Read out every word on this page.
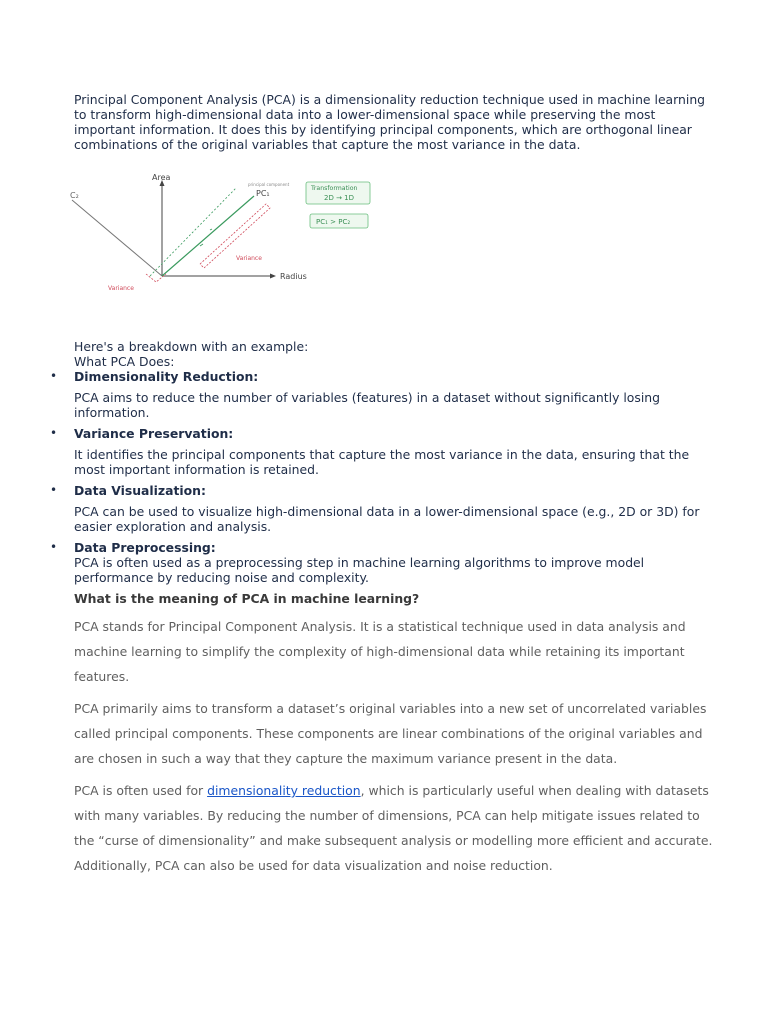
Principal Component Analysis (PCA) is a dimensionality reduction technique used in machine learning to transform high-dimensional data into a lower-dimensional space while preserving the most important information. It does this by identifying principal components, which are orthogonal linear combinations of the original variables that capture the most variance in the data.

Area
Radius
C₂	PC₁
principal component
Variance
Variance
Transformation
2D → 1D
PC₁ > PC₂

Here's a breakdown with an example:

What PCA Does:

• Dimensionality Reduction:

PCA aims to reduce the number of variables (features) in a dataset without significantly losing information.

• Variance Preservation:

It identifies the principal components that capture the most variance in the data, ensuring that the most important information is retained.

• Data Visualization:

PCA can be used to visualize high-dimensional data in a lower-dimensional space (e.g., 2D or 3D) for easier exploration and analysis.

• Data Preprocessing:

PCA is often used as a preprocessing step in machine learning algorithms to improve model performance by reducing noise and complexity.

What is the meaning of PCA in machine learning?

PCA stands for Principal Component Analysis. It is a statistical technique used in data analysis and machine learning to simplify the complexity of high-dimensional data while retaining its important features.

PCA primarily aims to transform a dataset’s original variables into a new set of uncorrelated variables called principal components. These components are linear combinations of the original variables and are chosen in such a way that they capture the maximum variance present in the data.

PCA is often used for dimensionality reduction, which is particularly useful when dealing with datasets with many variables. By reducing the number of dimensions, PCA can help mitigate issues related to the “curse of dimensionality” and make subsequent analysis or modelling more efficient and accurate. Additionally, PCA can also be used for data visualization and noise reduction.
